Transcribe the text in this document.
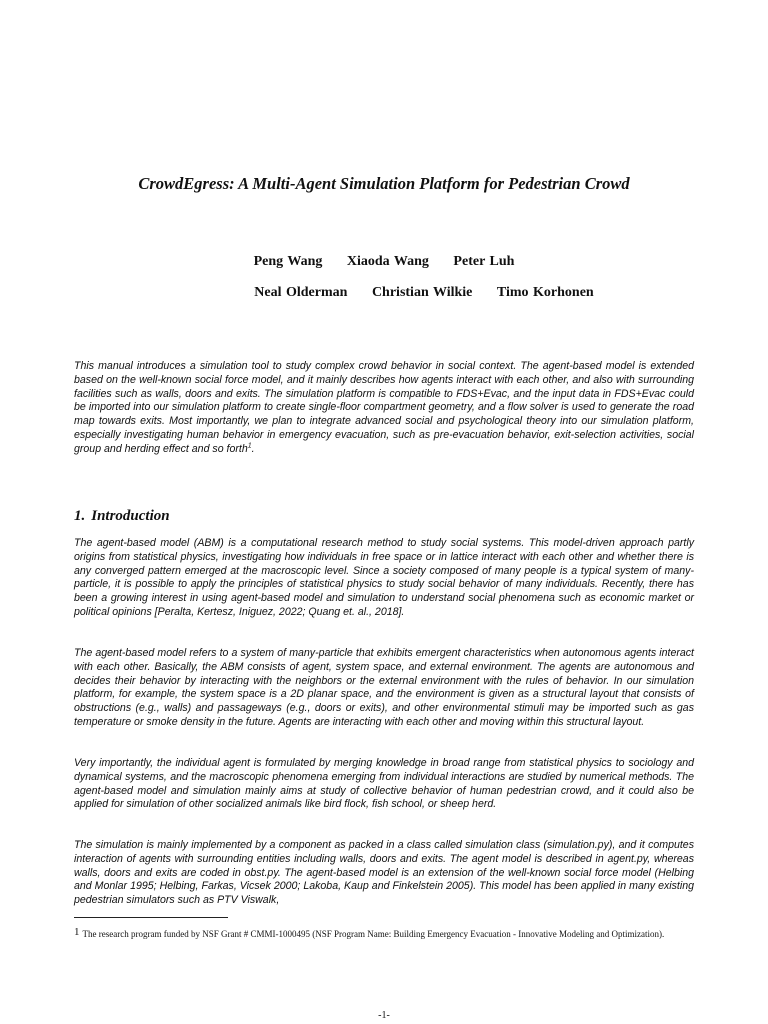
CrowdEgress: A Multi-Agent Simulation Platform for Pedestrian Crowd
Peng Wang Xiaoda Wang Peter Luh
Neal Olderman Christian Wilkie Timo Korhonen
This manual introduces a simulation tool to study complex crowd behavior in social context. The agent-based model is extended based on the well-known social force model, and it mainly describes how agents interact with each other, and also with surrounding facilities such as walls, doors and exits. The simulation platform is compatible to FDS+Evac, and the input data in FDS+Evac could be imported into our simulation platform to create single-floor compartment geometry, and a flow solver is used to generate the road map towards exits. Most importantly, we plan to integrate advanced social and psychological theory into our simulation platform, especially investigating human behavior in emergency evacuation, such as pre-evacuation behavior, exit-selection activities, social group and herding effect and so forth$^1$.
1. Introduction
The agent-based model (ABM) is a computational research method to study social systems. This model-driven approach partly origins from statistical physics, investigating how individuals in free space or in lattice interact with each other and whether there is any converged pattern emerged at the macroscopic level. Since a society composed of many people is a typical system of many-particle, it is possible to apply the principles of statistical physics to study social behavior of many individuals. Recently, there has been a growing interest in using agent-based model and simulation to understand social phenomena such as economic market or political opinions [Peralta, Kertesz, Iniguez, 2022; Quang et. al., 2018].
The agent-based model refers to a system of many-particle that exhibits emergent characteristics when autonomous agents interact with each other. Basically, the ABM consists of agent, system space, and external environment. The agents are autonomous and decides their behavior by interacting with the neighbors or the external environment with the rules of behavior. In our simulation platform, for example, the system space is a 2D planar space, and the environment is given as a structural layout that consists of obstructions (e.g., walls) and passageways (e.g., doors or exits), and other environmental stimuli may be imported such as gas temperature or smoke density in the future. Agents are interacting with each other and moving within this structural layout.
Very importantly, the individual agent is formulated by merging knowledge in broad range from statistical physics to sociology and dynamical systems, and the macroscopic phenomena emerging from individual interactions are studied by numerical methods. The agent-based model and simulation mainly aims at study of collective behavior of human pedestrian crowd, and it could also be applied for simulation of other socialized animals like bird flock, fish school, or sheep herd.
The simulation is mainly implemented by a component as packed in a class called simulation class (simulation.py), and it computes interaction of agents with surrounding entities including walls, doors and exits. The agent model is described in agent.py, whereas walls, doors and exits are coded in obst.py. The agent-based model is an extension of the well-known social force model (Helbing and Monlar 1995; Helbing, Farkas, Vicsek 2000; Lakoba, Kaup and Finkelstein 2005). This model has been applied in many existing pedestrian simulators such as PTV Viswalk,
1 The research program funded by NSF Grant # CMMI-1000495 (NSF Program Name: Building Emergency Evacuation - Innovative Modeling and Optimization).
-1-
